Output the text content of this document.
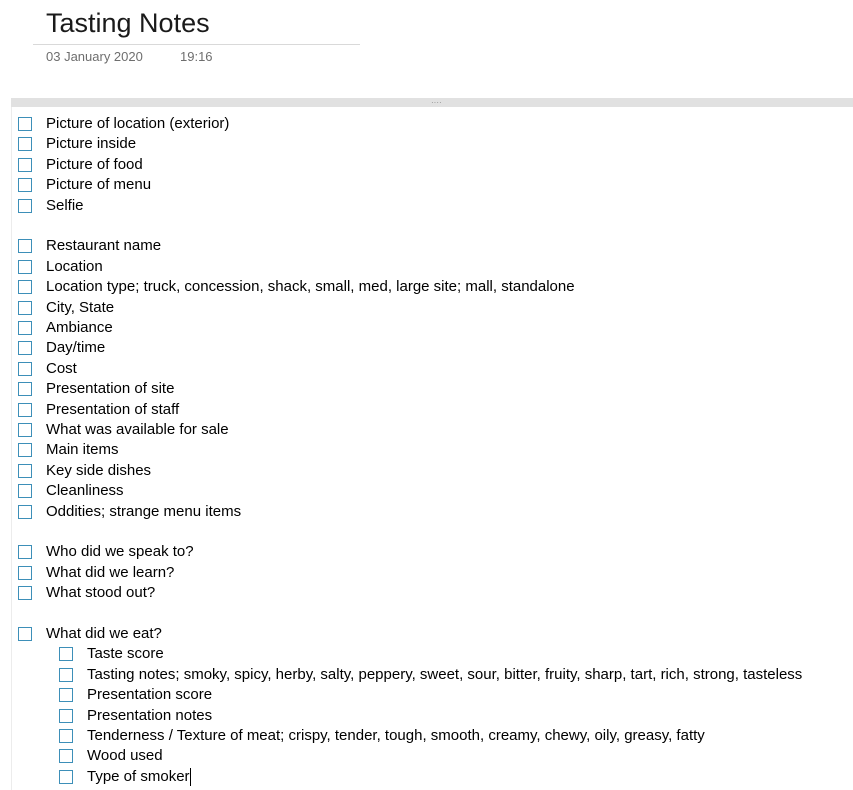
Tasting Notes
03 January 2020	19:16
····
Picture of location (exterior)
Picture inside
Picture of food
Picture of menu
Selfie
Restaurant name
Location
Location type; truck, concession, shack, small, med, large site; mall, standalone
City, State
Ambiance
Day/time
Cost
Presentation of site
Presentation of staff
What was available for sale
Main items
Key side dishes
Cleanliness
Oddities; strange menu items
Who did we speak to?
What did we learn?
What stood out?
What did we eat?
Taste score
Tasting notes; smoky, spicy, herby, salty, peppery, sweet, sour, bitter, fruity, sharp, tart, rich, strong, tasteless
Presentation score
Presentation notes
Tenderness / Texture of meat; crispy, tender, tough, smooth, creamy, chewy, oily, greasy, fatty
Wood used
Type of smoker
